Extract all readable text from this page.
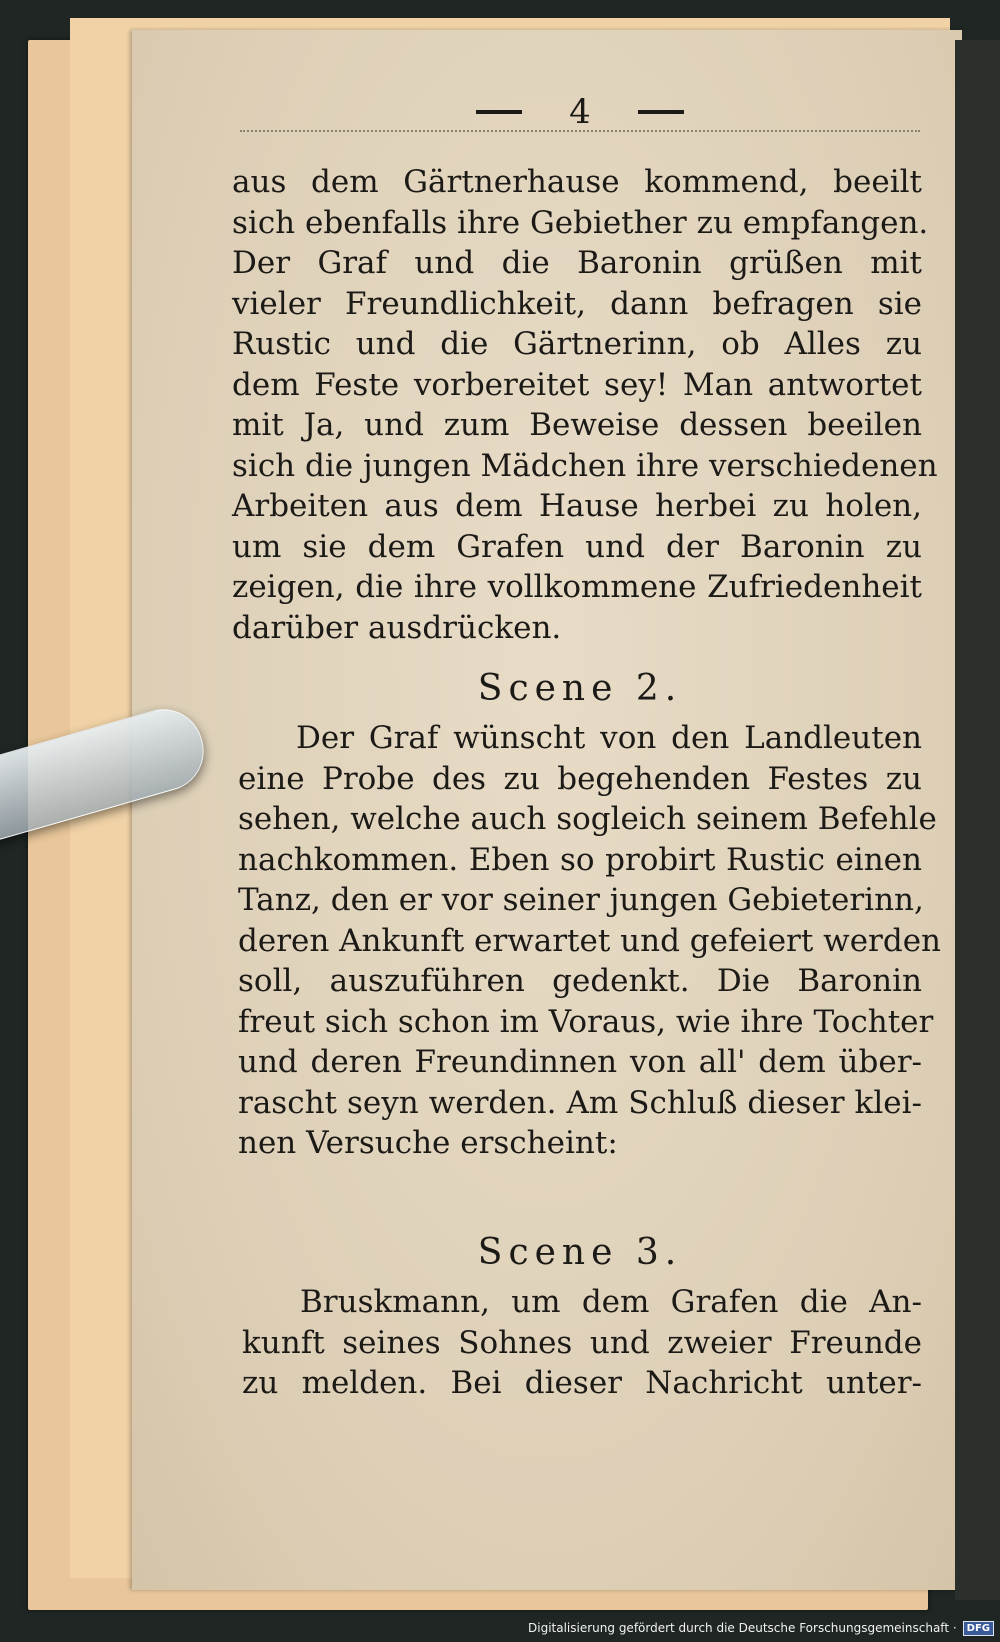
4
aus dem Gärtnerhause kommend, beeilt
sich ebenfalls ihre Gebiether zu empfangen.
Der Graf und die Baronin grüßen mit
vieler Freundlichkeit, dann befragen sie
Rustic und die Gärtnerinn, ob Alles zu
dem Feste vorbereitet sey! Man antwortet
mit Ja, und zum Beweise dessen beeilen
sich die jungen Mädchen ihre verschiedenen
Arbeiten aus dem Hause herbei zu holen,
um sie dem Grafen und der Baronin zu
zeigen, die ihre vollkommene Zufriedenheit
darüber ausdrücken.
Scene 2.
Der Graf wünscht von den Landleuten
eine Probe des zu begehenden Festes zu
sehen, welche auch sogleich seinem Befehle
nachkommen. Eben so probirt Rustic einen
Tanz, den er vor seiner jungen Gebieterinn,
deren Ankunft erwartet und gefeiert werden
soll, auszuführen gedenkt. Die Baronin
freut sich schon im Voraus, wie ihre Tochter
und deren Freundinnen von all' dem über-
rascht seyn werden. Am Schluß dieser klei-
nen Versuche erscheint:
Scene 3.
Bruskmann, um dem Grafen die An-
kunft seines Sohnes und zweier Freunde
zu melden. Bei dieser Nachricht unter-
Digitalisierung gefördert durch die Deutsche Forschungsgemeinschaft ·	DFG
